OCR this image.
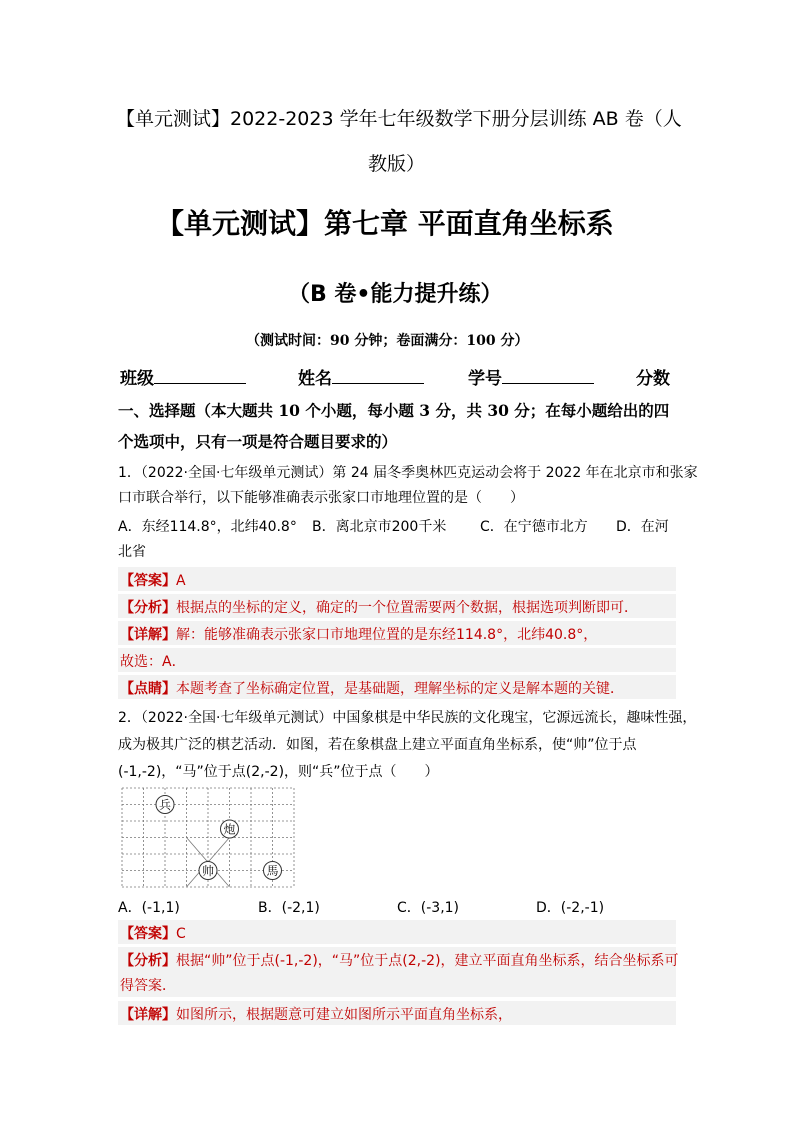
【单元测试】2022-2023 学年七年级数学下册分层训练 AB 卷（人
教版）
【单元测试】第七章 平面直角坐标系
（B 卷•能力提升练）
（测试时间：90 分钟；卷面满分：100 分）
班级	姓名	学号	分数
一、选择题（本大题共 10 个小题，每小题 3 分，共 30 分；在每小题给出的四
个选项中，只有一项是符合题目要求的）
1．（2022·全国·七年级单元测试）第 24 届冬季奥林匹克运动会将于 2022 年在北京市和张家
口市联合举行，以下能够准确表示张家口市地理位置的是（　　）
A．东经114.8°，北纬40.8° B．离北京市200千米 C．在宁德市北方 D．在河
北省
【答案】A
【分析】根据点的坐标的定义，确定的一个位置需要两个数据，根据选项判断即可．
【详解】解：能够准确表示张家口市地理位置的是东经114.8°，北纬40.8°，
故选：A．
【点睛】本题考查了坐标确定位置，是基础题，理解坐标的定义是解本题的关键．
2．（2022·全国·七年级单元测试）中国象棋是中华民族的文化瑰宝，它源远流长，趣味性强，
成为极其广泛的棋艺活动．如图，若在象棋盘上建立平面直角坐标系，使“帅”位于点
(-1,-2)，“马”位于点(2,-2)，则“兵”位于点（　　）
兵
炮
帅	馬
A．(-1,1)	B．(-2,1)	C．(-3,1)	D．(-2,-1)
【答案】C
【分析】根据“帅”位于点(-1,-2)，“马”位于点(2,-2)，建立平面直角坐标系，结合坐标系可
得答案．
【详解】如图所示，根据题意可建立如图所示平面直角坐标系，
